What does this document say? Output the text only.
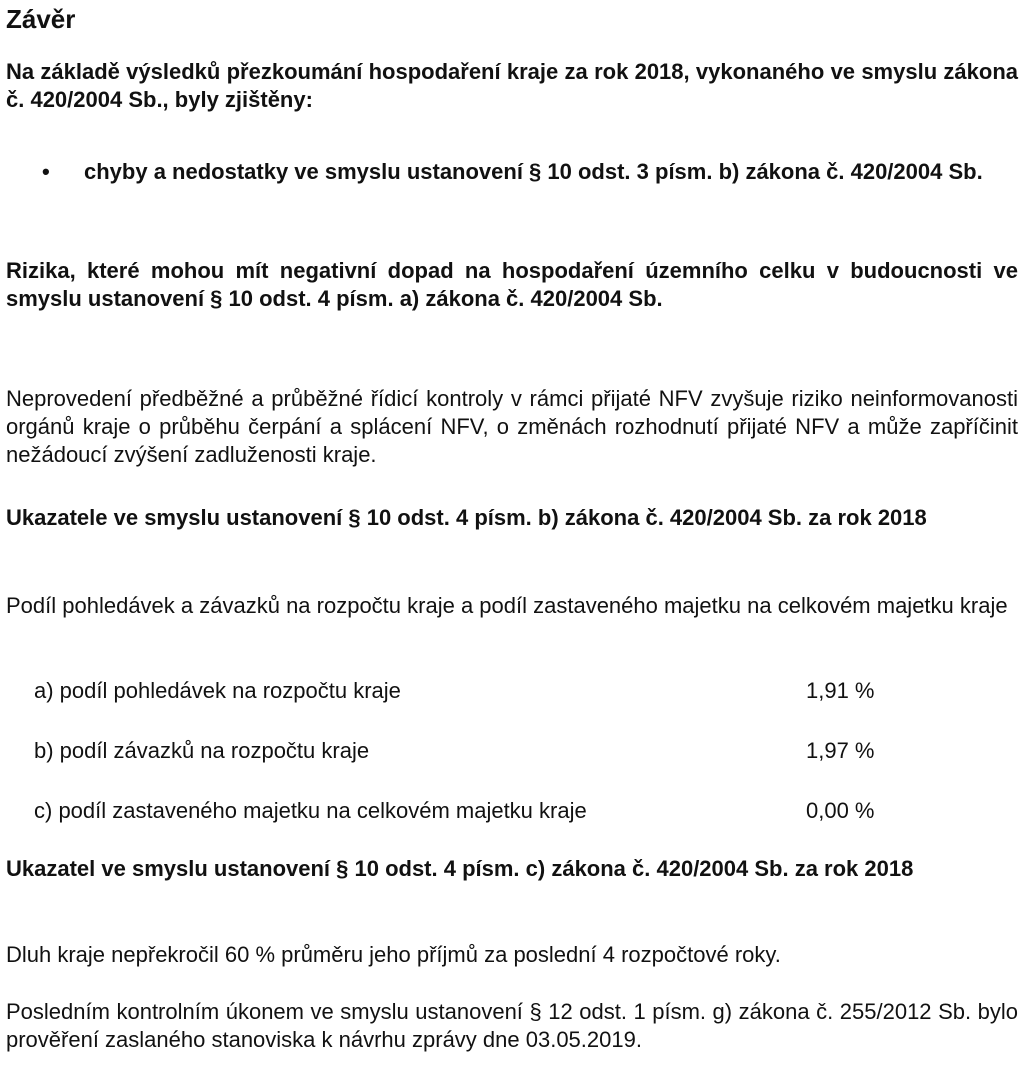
Závěr

Na základě výsledků přezkoumání hospodaření kraje za rok 2018, vykonaného ve smyslu zákona č. 420/2004 Sb., byly zjištěny:

• chyby a nedostatky ve smyslu ustanovení § 10 odst. 3 písm. b) zákona č. 420/2004 Sb.

Rizika, které mohou mít negativní dopad na hospodaření územního celku v budoucnosti ve smyslu ustanovení § 10 odst. 4 písm. a) zákona č. 420/2004 Sb.

Neprovedení předběžné a průběžné řídicí kontroly v rámci přijaté NFV zvyšuje riziko neinformovanosti orgánů kraje o průběhu čerpání a splácení NFV, o změnách rozhodnutí přijaté NFV a může zapříčinit nežádoucí zvýšení zadluženosti kraje.

Ukazatele ve smyslu ustanovení § 10 odst. 4 písm. b) zákona č. 420/2004 Sb. za rok 2018

Podíl pohledávek a závazků na rozpočtu kraje a podíl zastaveného majetku na celkovém majetku kraje

a) podíl pohledávek na rozpočtu kraje	1,91 %
b) podíl závazků na rozpočtu kraje	1,97 %
c) podíl zastaveného majetku na celkovém majetku kraje	0,00 %

Ukazatel ve smyslu ustanovení § 10 odst. 4 písm. c) zákona č. 420/2004 Sb. za rok 2018

Dluh kraje nepřekročil 60 % průměru jeho příjmů za poslední 4 rozpočtové roky.

Posledním kontrolním úkonem ve smyslu ustanovení § 12 odst. 1 písm. g) zákona č. 255/2012 Sb. bylo prověření zaslaného stanoviska k návrhu zprávy dne 03.05.2019.
